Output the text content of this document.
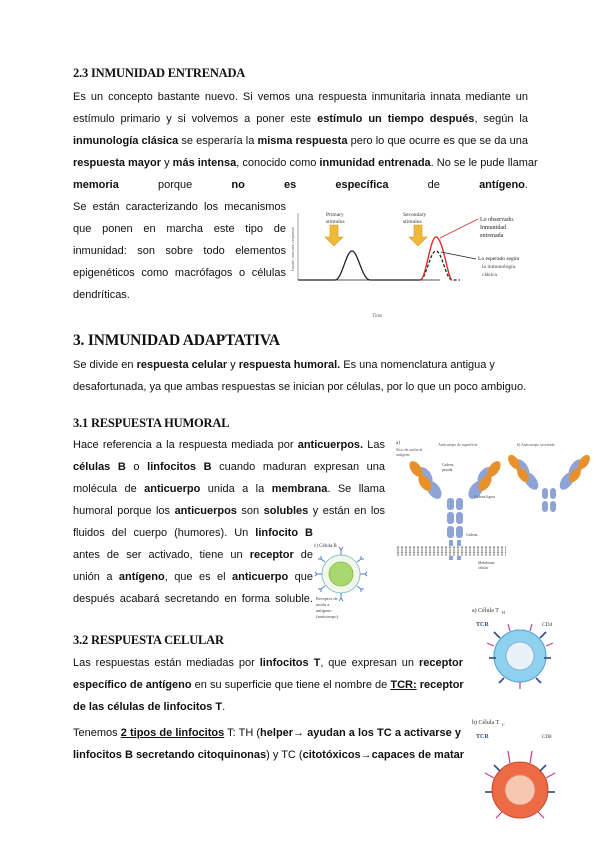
2.3 INMUNIDAD ENTRENADA
Es un concepto bastante nuevo. Si vemos una respuesta inmunitaria innata mediante un
estímulo primario y si volvemos a poner este estímulo un tiempo después, según la
inmunología clásica se esperaría la misma respuesta pero lo que ocurre es que se da una
respuesta mayor y más intensa, conocido como inmunidad entrenada. No se le pude llamar
memoria porque no es específica de antígeno.
Se están caracterizando los mecanismos
que ponen en marcha este tipo de
inmunidad: son sobre todo elementos
epigenéticos como macrófagos o células
dendríticas.
Innate immune response
Time
Primary
stimulus
Secondary
stimulus	Lo observado.
Inmunidad
entrenada
Lo esperado según
la inmunología
clásica
3. INMUNIDAD ADAPTATIVA
Se divide en respuesta celular y respuesta humoral. Es una nomenclatura antigua y
desafortunada, ya que ambas respuestas se inician por células, por lo que un poco ambiguo.
3.1 RESPUESTA HUMORAL
Hace referencia a la respuesta mediada por anticuerpos. Las
células B o linfocitos B cuando maduran expresan una
molécula de anticuerpo unida a la membrana. Se llama
humoral porque los anticuerpos son solubles y están en los
fluidos del cuerpo (humores). Un linfocito B
antes de ser activado, tiene un receptor de
unión a antígeno, que es el anticuerpo que
después acabará secretando en forma soluble.
a)
Sitio de unión al
antígeno
Anticuerpo de superficie	b) Anticuerpo secretado
Cadena
pesada
Cadena ligera
Cadena
Membrana
celular
c) Célula B
Receptor de
unión a
antígeno
(anticuerpo)
3.2 RESPUESTA CELULAR
Las respuestas están mediadas por linfocitos T, que expresan un receptor
específico de antígeno en su superficie que tiene el nombre de TCR: receptor
de las células de linfocitos T.
Tenemos 2 tipos de linfocitos T: TH (helper→ ayudan a los TC a activarse y
linfocitos B secretando citoquinonas) y TC (citotóxicos→capaces de matar
a) Célula T H
TCR	CD4
b) Célula T C
TCR	CD8
